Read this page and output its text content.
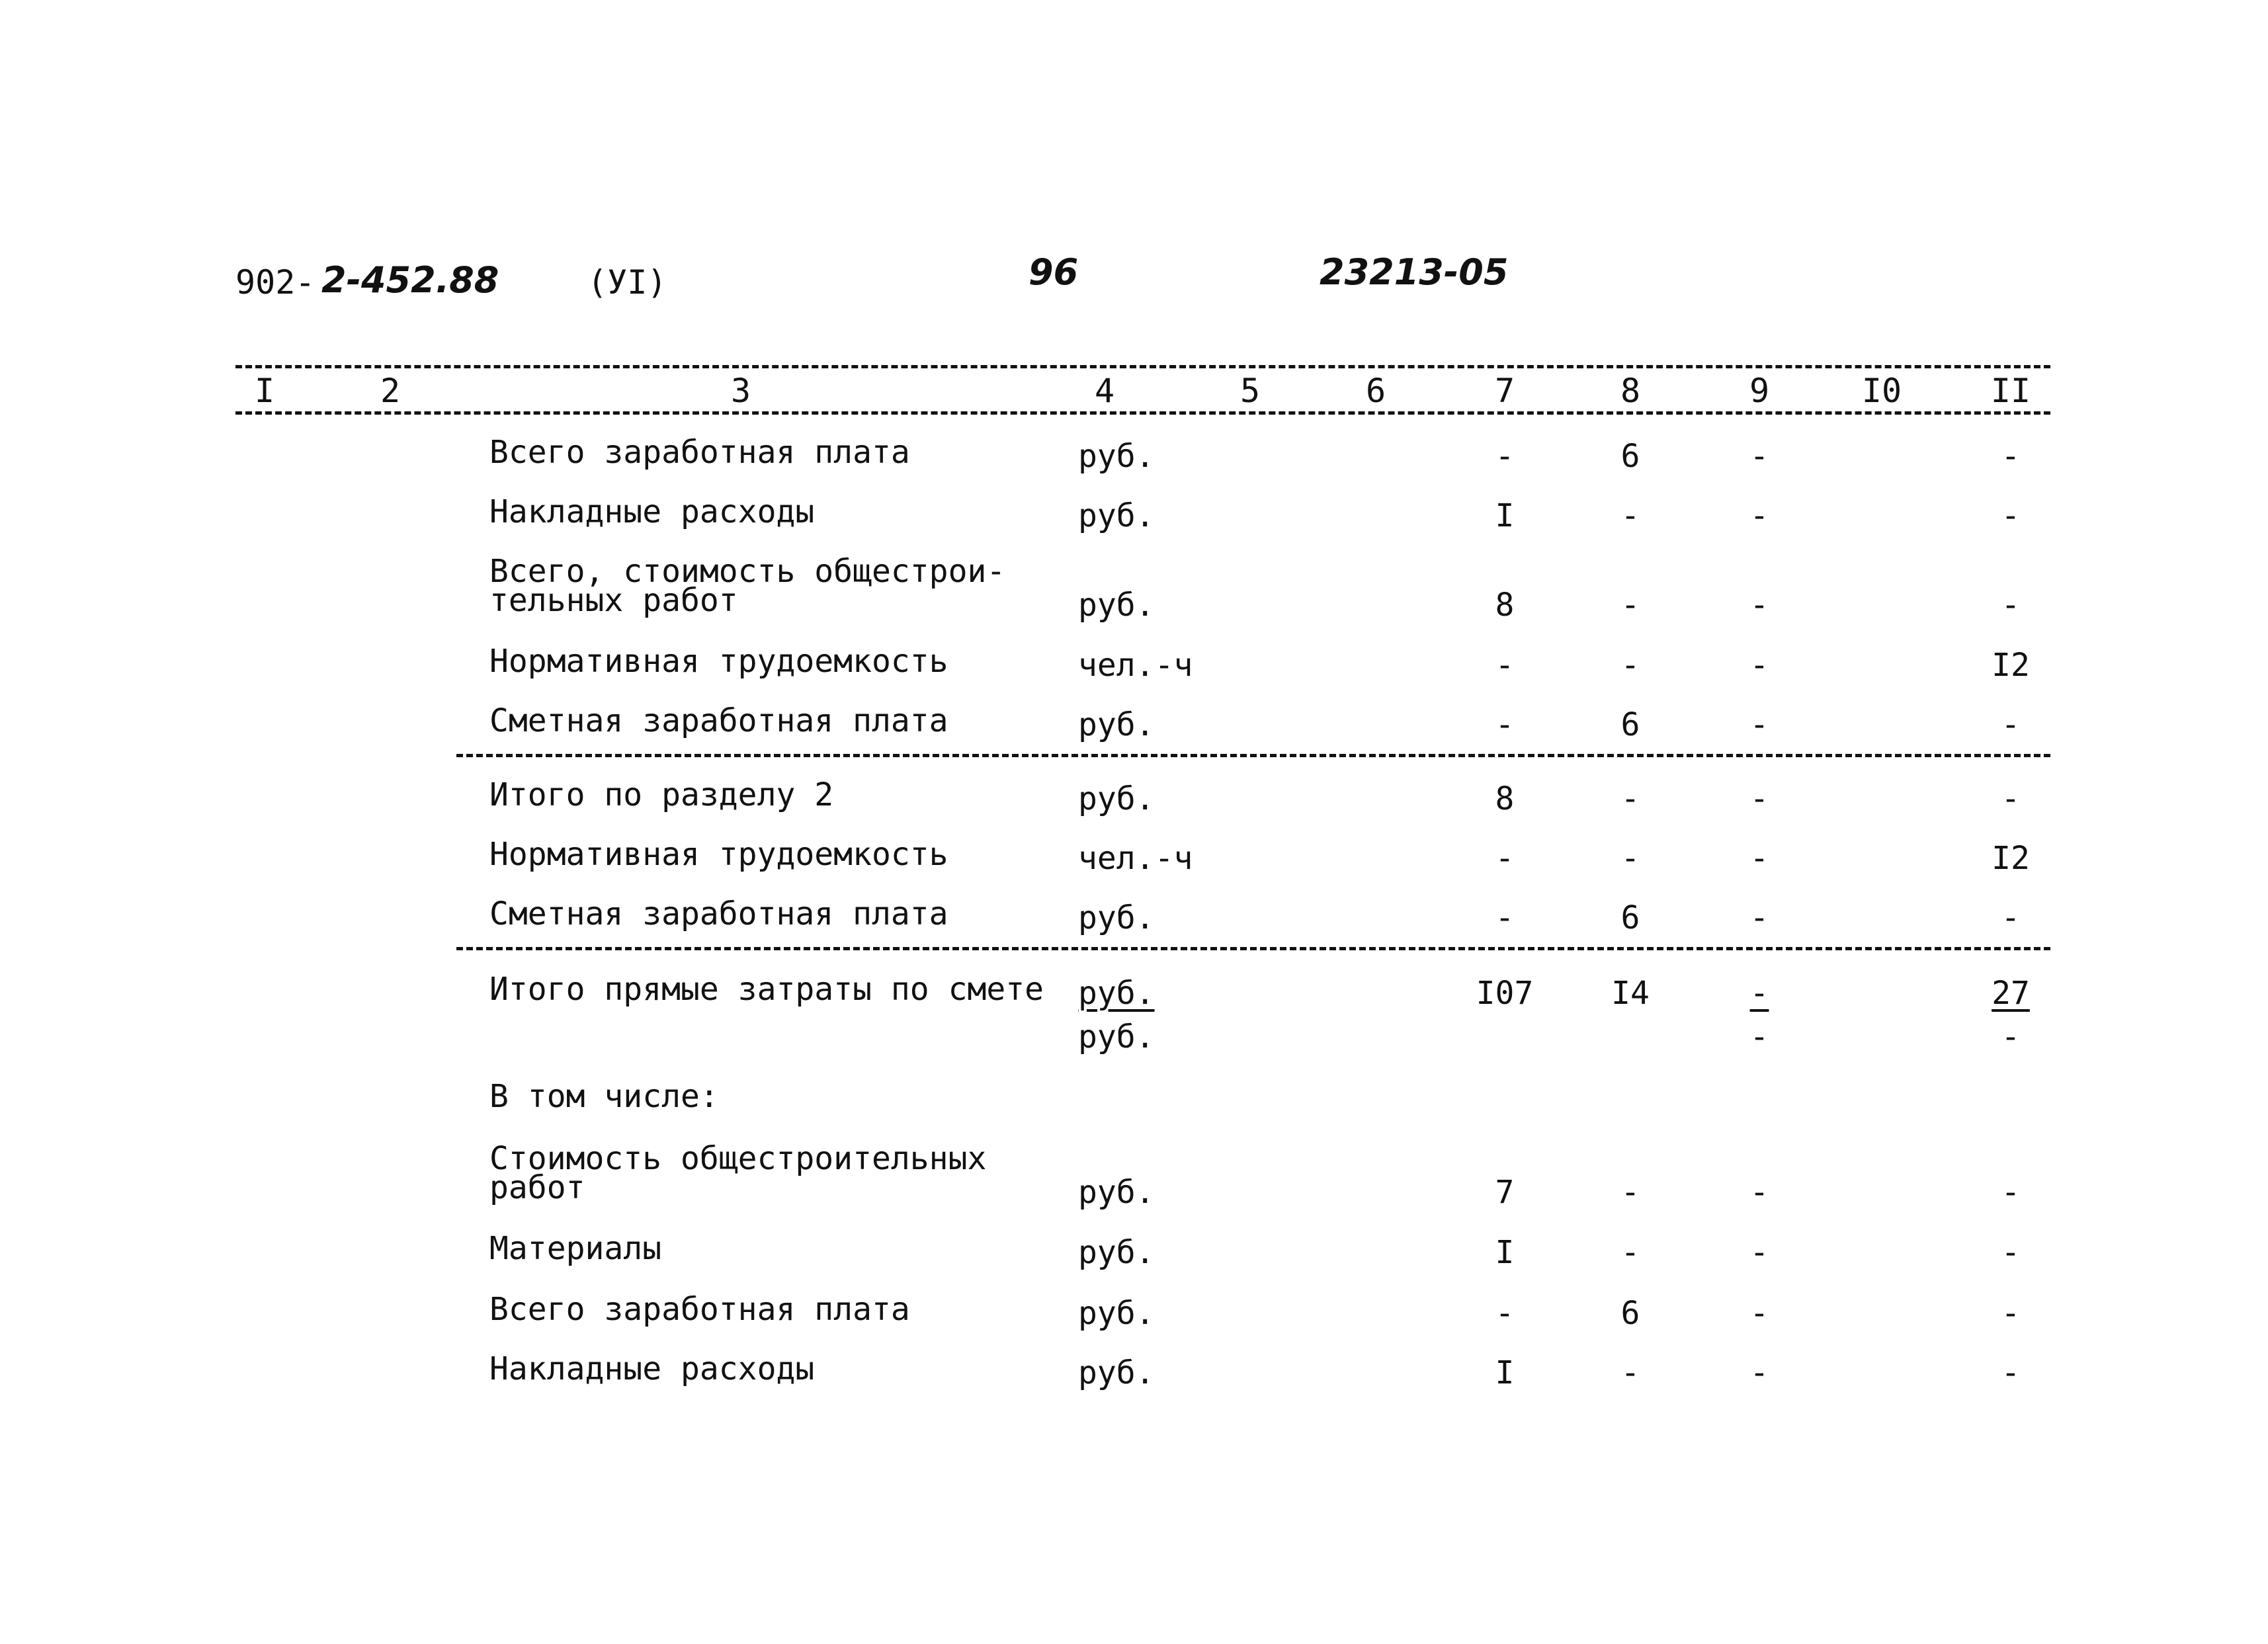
902- 2-452.88	(УI)	96	23213-05
I	2	3	4	5	6	7	8	9	I0	II
Всего заработная плата	руб.	-	6	-	-
Накладные расходы	руб.	I	-	-	-
Всего, стоимость общестрои-
тельных работ	руб.	8	-	-	-
Нормативная трудоемкость	чел.-ч	-	-	-	I2
Сметная заработная плата	руб.	-	6	-	-
Итого по разделу 2	руб.	8	-	-	-
Нормативная трудоемкость	чел.-ч	-	-	-	I2
Сметная заработная плата	руб.	-	6	-	-
Итого прямые затраты по смете руб.	I07	I4	-	27
руб.	-	-
В том числе:
Стоимость общестроительных
работ	руб.	7	-	-	-
Материалы	руб.	I	-	-	-
Всего заработная плата	руб.	-	6	-	-
Накладные расходы	руб.	I	-	-	-
